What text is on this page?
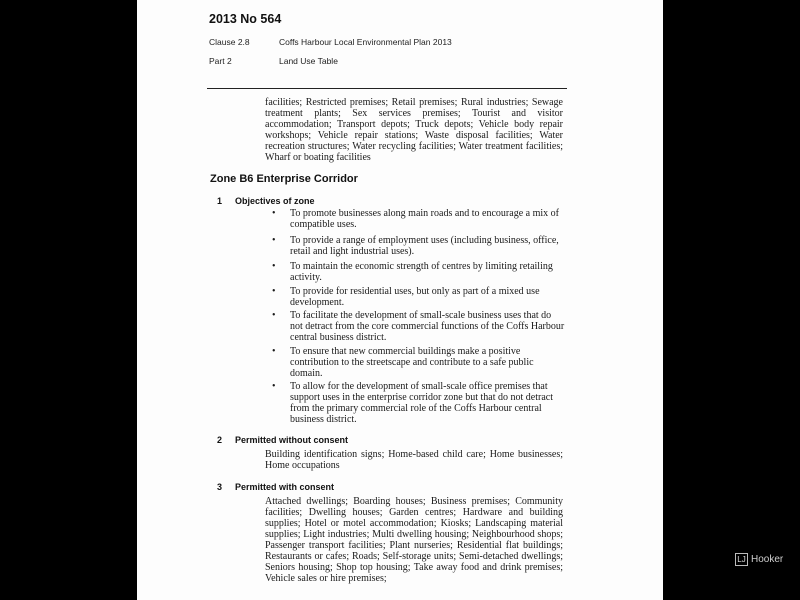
2013 No 564
Clause 2.8	Coffs Harbour Local Environmental Plan 2013
Part 2	Land Use Table
facilities; Restricted premises; Retail premises; Rural industries; Sewage treatment plants; Sex services premises; Tourist and visitor accommodation; Transport depots; Truck depots; Vehicle body repair workshops; Vehicle repair stations; Waste disposal facilities; Water recreation structures; Water recycling facilities; Water treatment facilities; Wharf or boating facilities
Zone B6 Enterprise Corridor
1 Objectives of zone
• To promote businesses along main roads and to encourage a mix of compatible uses.
• To provide a range of employment uses (including business, office, retail and light industrial uses).
• To maintain the economic strength of centres by limiting retailing activity.
• To provide for residential uses, but only as part of a mixed use development.
• To facilitate the development of small-scale business uses that do not detract from the core commercial functions of the Coffs Harbour central business district.
• To ensure that new commercial buildings make a positive contribution to the streetscape and contribute to a safe public domain.
• To allow for the development of small-scale office premises that support uses in the enterprise corridor zone but that do not detract from the primary commercial role of the Coffs Harbour central business district.
2 Permitted without consent
Building identification signs; Home-based child care; Home businesses; Home occupations
3 Permitted with consent
Attached dwellings; Boarding houses; Business premises; Community facilities; Dwelling houses; Garden centres; Hardware and building supplies; Hotel or motel accommodation; Kiosks; Landscaping material supplies; Light industries; Multi dwelling housing; Neighbourhood shops; Passenger transport facilities; Plant nurseries; Residential flat buildings; Restaurants or cafes; Roads; Self-storage units; Semi-detached dwellings; Seniors housing; Shop top housing; Take away food and drink premises; Vehicle sales or hire premises;
LJ Hooker
